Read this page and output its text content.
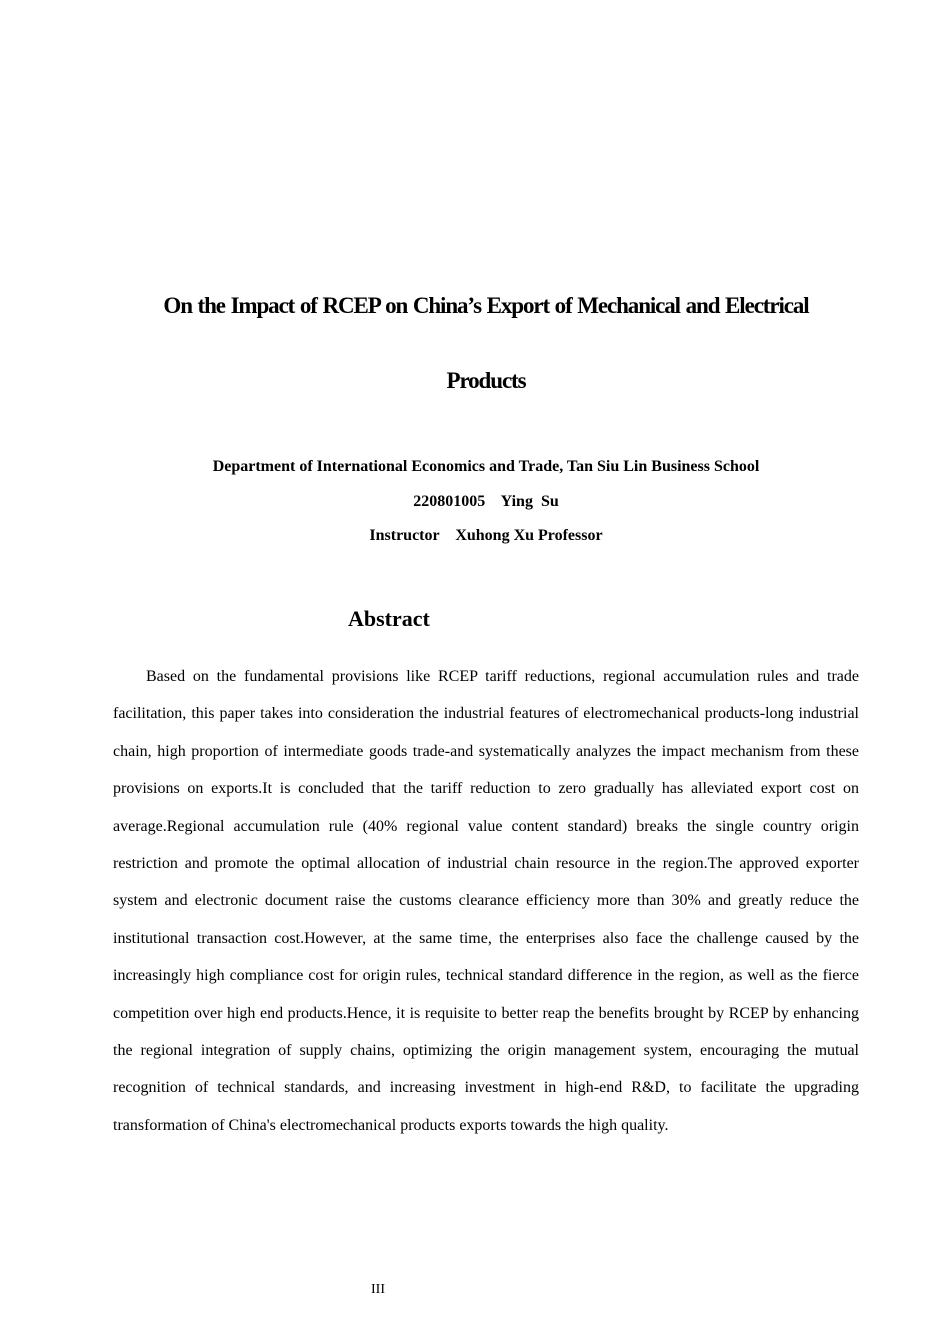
On the Impact of RCEP on China’s Export of Mechanical and Electrical
Products
Department of International Economics and Trade, Tan Siu Lin Business School
220801005    Ying  Su
Instructor    Xuhong Xu Professor
Abstract

Based on the fundamental provisions like RCEP tariff reductions, regional accumulation rules and trade facilitation, this paper takes into consideration the industrial features of electromechanical products-long industrial chain, high proportion of intermediate goods trade-and systematically analyzes the impact mechanism from these provisions on exports.It is concluded that the tariff reduction to zero gradually has alleviated export cost on average.Regional accumulation rule (40% regional value content standard) breaks the single country origin restriction and promote the optimal allocation of industrial chain resource in the region.The approved exporter system and electronic document raise the customs clearance efficiency more than 30% and greatly reduce the institutional transaction cost.However, at the same time, the enterprises also face the challenge caused by the increasingly high compliance cost for origin rules, technical standard difference in the region, as well as the fierce competition over high end products.Hence, it is requisite to better reap the benefits brought by RCEP by enhancing the regional integration of supply chains, optimizing the origin management system, encouraging the mutual recognition of technical standards, and increasing investment in high-end R&D, to facilitate the upgrading transformation of China's electromechanical products exports towards the high quality.

III
